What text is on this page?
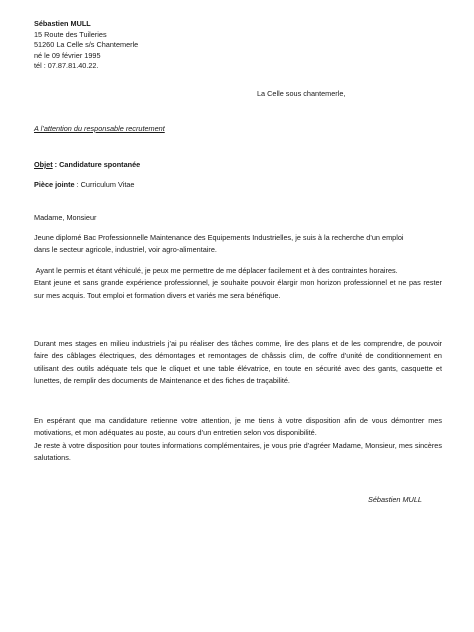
Sébastien MULL
15 Route des Tuileries
51260 La Celle s/s Chantemerle
né le 09 février 1995
tél : 07.87.81.40.22.
La Celle sous chantemerle,
A l’attention du responsable recrutement
Objet : Candidature spontanée
Pièce jointe : Curriculum Vitae
Madame, Monsieur

Jeune diplomé Bac Professionnelle Maintenance des Equipements Industrielles, je suis à la recherche d’un emploi

dans le secteur agricole, industriel, voir agro-alimentaire.

Ayant le permis et étant véhiculé, je peux me permettre de me déplacer facilement et à des contraintes horaires.

Etant jeune et sans grande expérience professionnel, je souhaite pouvoir élargir mon horizon professionnel et ne pas rester sur mes acquis. Tout emploi et formation divers et variés me sera bénéfique.

Durant mes stages en milieu industriels j’ai pu réaliser des tâches comme, lire des plans et de les comprendre, de pouvoir faire des câblages électriques, des démontages et remontages de châssis clim, de coffre d’unité de conditionnement en utilisant des outils adéquate tels que le cliquet et une table élévatrice, en toute en sécurité avec des gants, casquette et lunettes, de remplir des documents de Maintenance et des fiches de traçabilité.

En espérant que ma candidature retienne votre attention, je me tiens à votre disposition afin de vous démontrer mes motivations, et mon adéquates au poste, au cours d’un entretien selon vos disponibilité.

Je reste à votre disposition pour toutes informations complémentaires, je vous prie d’agréer Madame, Monsieur, mes sincères salutations.

Sébastien MULL
